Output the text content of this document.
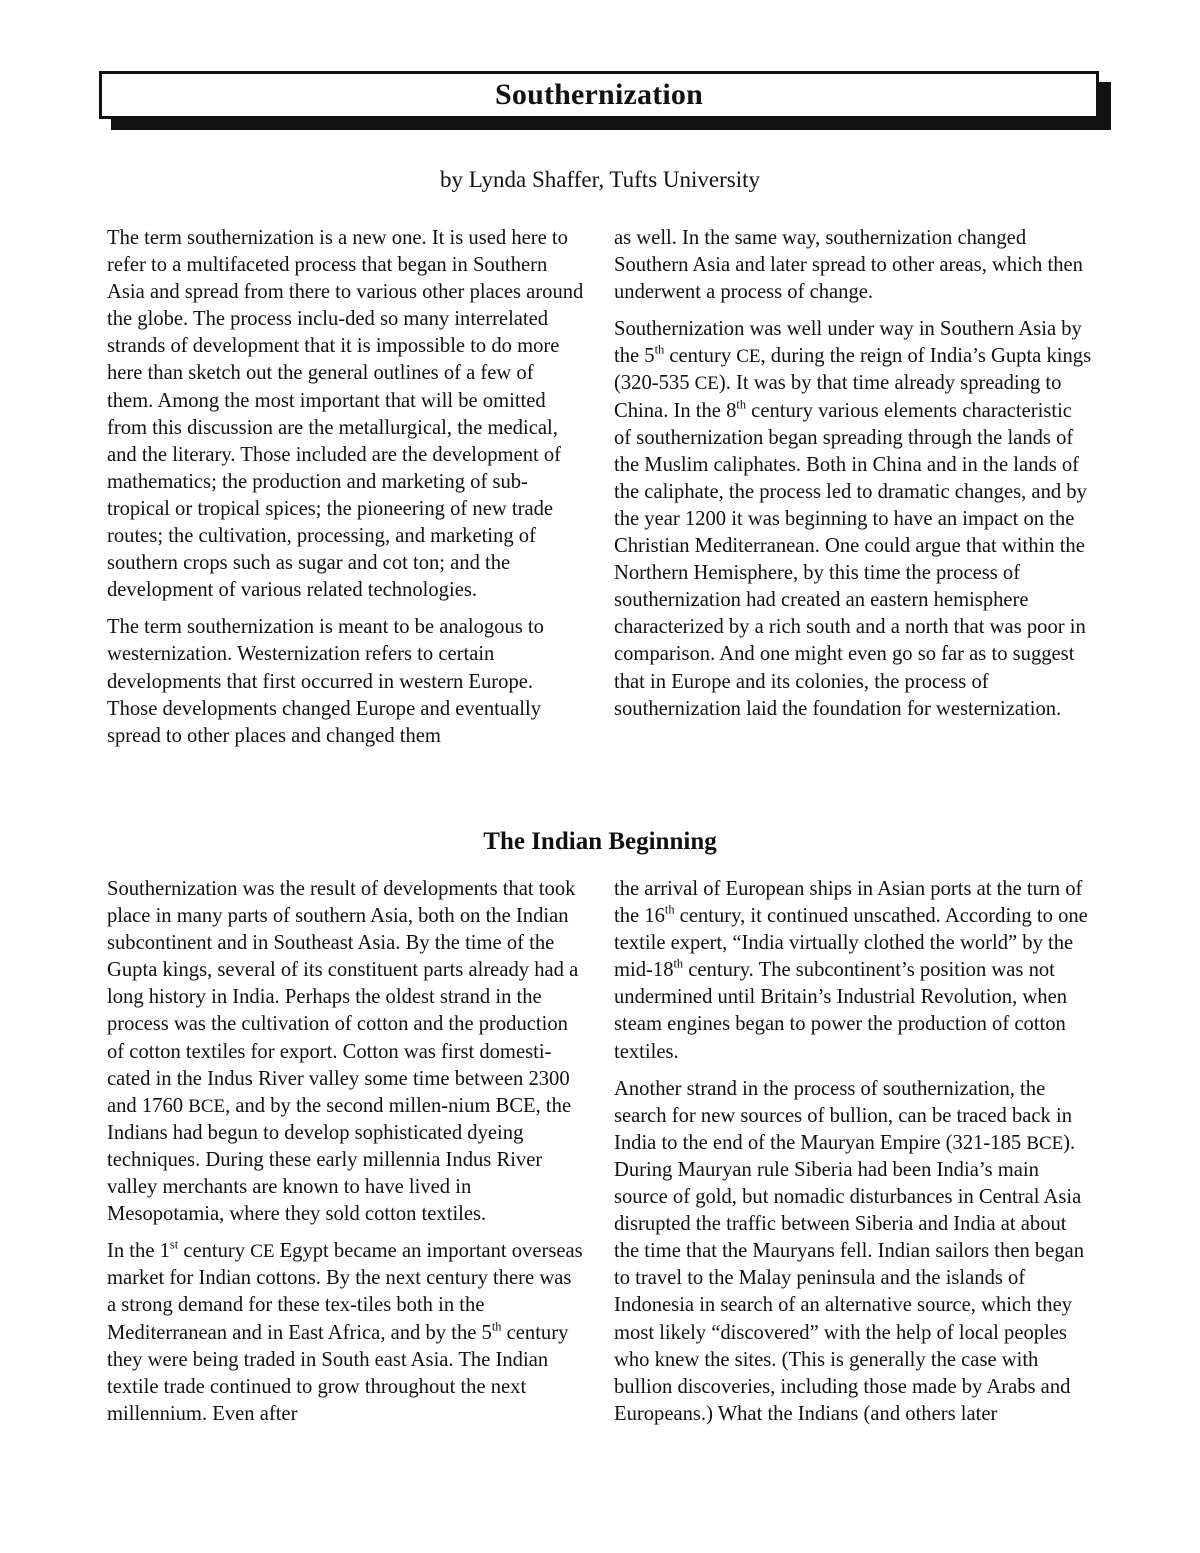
Southernization

by Lynda Shaffer, Tufts University

The term southernization is a new one. It is used here to refer to a multifaceted process that began in Southern Asia and spread from there to various other places around the globe. The process inclu-ded so many interrelated strands of development that it is impossible to do more here than sketch out the general outlines of a few of them. Among the most important that will be omitted from this discussion are the metallurgical, the medical, and the literary. Those included are the development of mathematics; the production and marketing of sub-tropical or tropical spices; the pioneering of new trade routes; the cultivation, processing, and marketing of southern crops such as sugar and cot ton; and the development of various related technologies.

The term southernization is meant to be analogous to westernization. Westernization refers to certain developments that first occurred in western Europe. Those developments changed Europe and eventually spread to other places and changed them

as well. In the same way, southernization changed Southern Asia and later spread to other areas, which then underwent a process of change.

Southernization was well under way in Southern Asia by the 5th century CE, during the reign of India’s Gupta kings (320-535 CE). It was by that time already spreading to China. In the 8th century various elements characteristic of southernization began spreading through the lands of the Muslim caliphates. Both in China and in the lands of the caliphate, the process led to dramatic changes, and by the year 1200 it was beginning to have an impact on the Christian Mediterranean. One could argue that within the Northern Hemisphere, by this time the process of southernization had created an eastern hemisphere characterized by a rich south and a north that was poor in comparison. And one might even go so far as to suggest that in Europe and its colonies, the process of southernization laid the foundation for westernization.

The Indian Beginning

Southernization was the result of developments that took place in many parts of southern Asia, both on the Indian subcontinent and in Southeast Asia. By the time of the Gupta kings, several of its constituent parts already had a long history in India. Perhaps the oldest strand in the process was the cultivation of cotton and the production of cotton textiles for export. Cotton was first domesti-cated in the Indus River valley some time between 2300 and 1760 BCE, and by the second millen-nium BCE, the Indians had begun to develop sophisticated dyeing techniques. During these early millennia Indus River valley merchants are known to have lived in Mesopotamia, where they sold cotton textiles.

In the 1st century CE Egypt became an important overseas market for Indian cottons. By the next century there was a strong demand for these tex-tiles both in the Mediterranean and in East Africa, and by the 5th century they were being traded in South east Asia. The Indian textile trade continued to grow throughout the next millennium. Even after

the arrival of European ships in Asian ports at the turn of the 16th century, it continued unscathed. According to one textile expert, “India virtually clothed the world” by the mid-18th century. The subcontinent’s position was not undermined until Britain’s Industrial Revolution, when steam engines began to power the production of cotton textiles.

Another strand in the process of southernization, the search for new sources of bullion, can be traced back in India to the end of the Mauryan Empire (321-185 BCE). During Mauryan rule Siberia had been India’s main source of gold, but nomadic disturbances in Central Asia disrupted the traffic between Siberia and India at about the time that the Mauryans fell. Indian sailors then began to travel to the Malay peninsula and the islands of Indonesia in search of an alternative source, which they most likely “discovered” with the help of local peoples who knew the sites. (This is generally the case with bullion discoveries, including those made by Arabs and Europeans.) What the Indians (and others later
